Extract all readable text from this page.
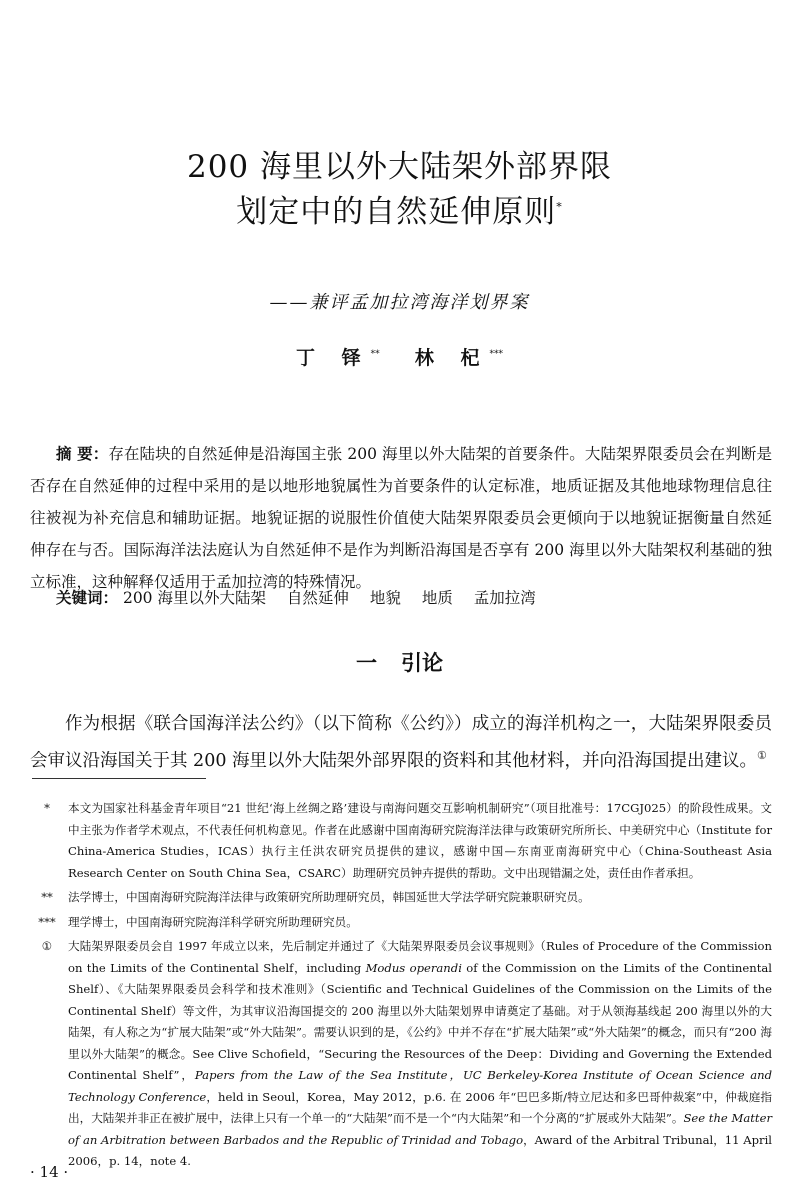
200 海里以外大陆架外部界限
划定中的自然延伸原则*
——兼评孟加拉湾海洋划界案
丁 铎** 林 杞***

摘 要：存在陆块的自然延伸是沿海国主张 200 海里以外大陆架的首要条件。大陆架界限委员会在判断是否存在自然延伸的过程中采用的是以地形地貌属性为首要条件的认定标准，地质证据及其他地球物理信息往往被视为补充信息和辅助证据。地貌证据的说服性价值使大陆架界限委员会更倾向于以地貌证据衡量自然延伸存在与否。国际海洋法法庭认为自然延伸不是作为判断沿海国是否享有 200 海里以外大陆架权利基础的独立标准，这种解释仅适用于孟加拉湾的特殊情况。

关键词： 200 海里以外大陆架 自然延伸 地貌 地质 孟加拉湾
一 引论

作为根据《联合国海洋法公约》（以下简称《公约》）成立的海洋机构之一，大陆架界限委员会审议沿海国关于其 200 海里以外大陆架外部界限的资料和其他材料，并向沿海国提出建议。①

*	本文为国家社科基金青年项目“21 世纪‘海上丝绸之路’建设与南海问题交互影响机制研究”（项目批准号：17CGJ025）的阶段性成果。文中主张为作者学术观点，不代表任何机构意见。作者在此感谢中国南海研究院海洋法律与政策研究所所长、中美研究中心（Institute for China-America Studies，ICAS）执行主任洪农研究员提供的建议，感谢中国—东南亚南海研究中心（China-Southeast Asia Research Center on South China Sea，CSARC）助理研究员钟卉提供的帮助。文中出现错漏之处，责任由作者承担。
**	法学博士，中国南海研究院海洋法律与政策研究所助理研究员，韩国延世大学法学研究院兼职研究员。
***	理学博士，中国南海研究院海洋科学研究所助理研究员。
①	大陆架界限委员会自 1997 年成立以来，先后制定并通过了《大陆架界限委员会议事规则》（Rules of Procedure of the Commission on the Limits of the Continental Shelf，including Modus operandi of the Commission on the Limits of the Continental Shelf）、《大陆架界限委员会科学和技术准则》（Scientific and Technical Guidelines of the Commission on the Limits of the Continental Shelf）等文件，为其审议沿海国提交的 200 海里以外大陆架划界申请奠定了基础。对于从领海基线起 200 海里以外的大陆架，有人称之为“扩展大陆架”或“外大陆架”。需要认识到的是，《公约》中并不存在“扩展大陆架”或“外大陆架”的概念，而只有“200 海里以外大陆架”的概念。See Clive Schofield，“Securing the Resources of the Deep：Dividing and Governing the Extended Continental Shelf”，Papers from the Law of the Sea Institute，UC Berkeley-Korea Institute of Ocean Science and Technology Conference，held in Seoul，Korea，May 2012，p.6. 在 2006 年“巴巴多斯/特立尼达和多巴哥仲裁案”中，仲裁庭指出，大陆架并非正在被扩展中，法律上只有一个单一的“大陆架”而不是一个“内大陆架”和一个分离的“扩展或外大陆架”。See the Matter of an Arbitration between Barbados and the Republic of Trinidad and Tobago，Award of the Arbitral Tribunal，11 April 2006，p. 14，note 4.
· 14 ·
